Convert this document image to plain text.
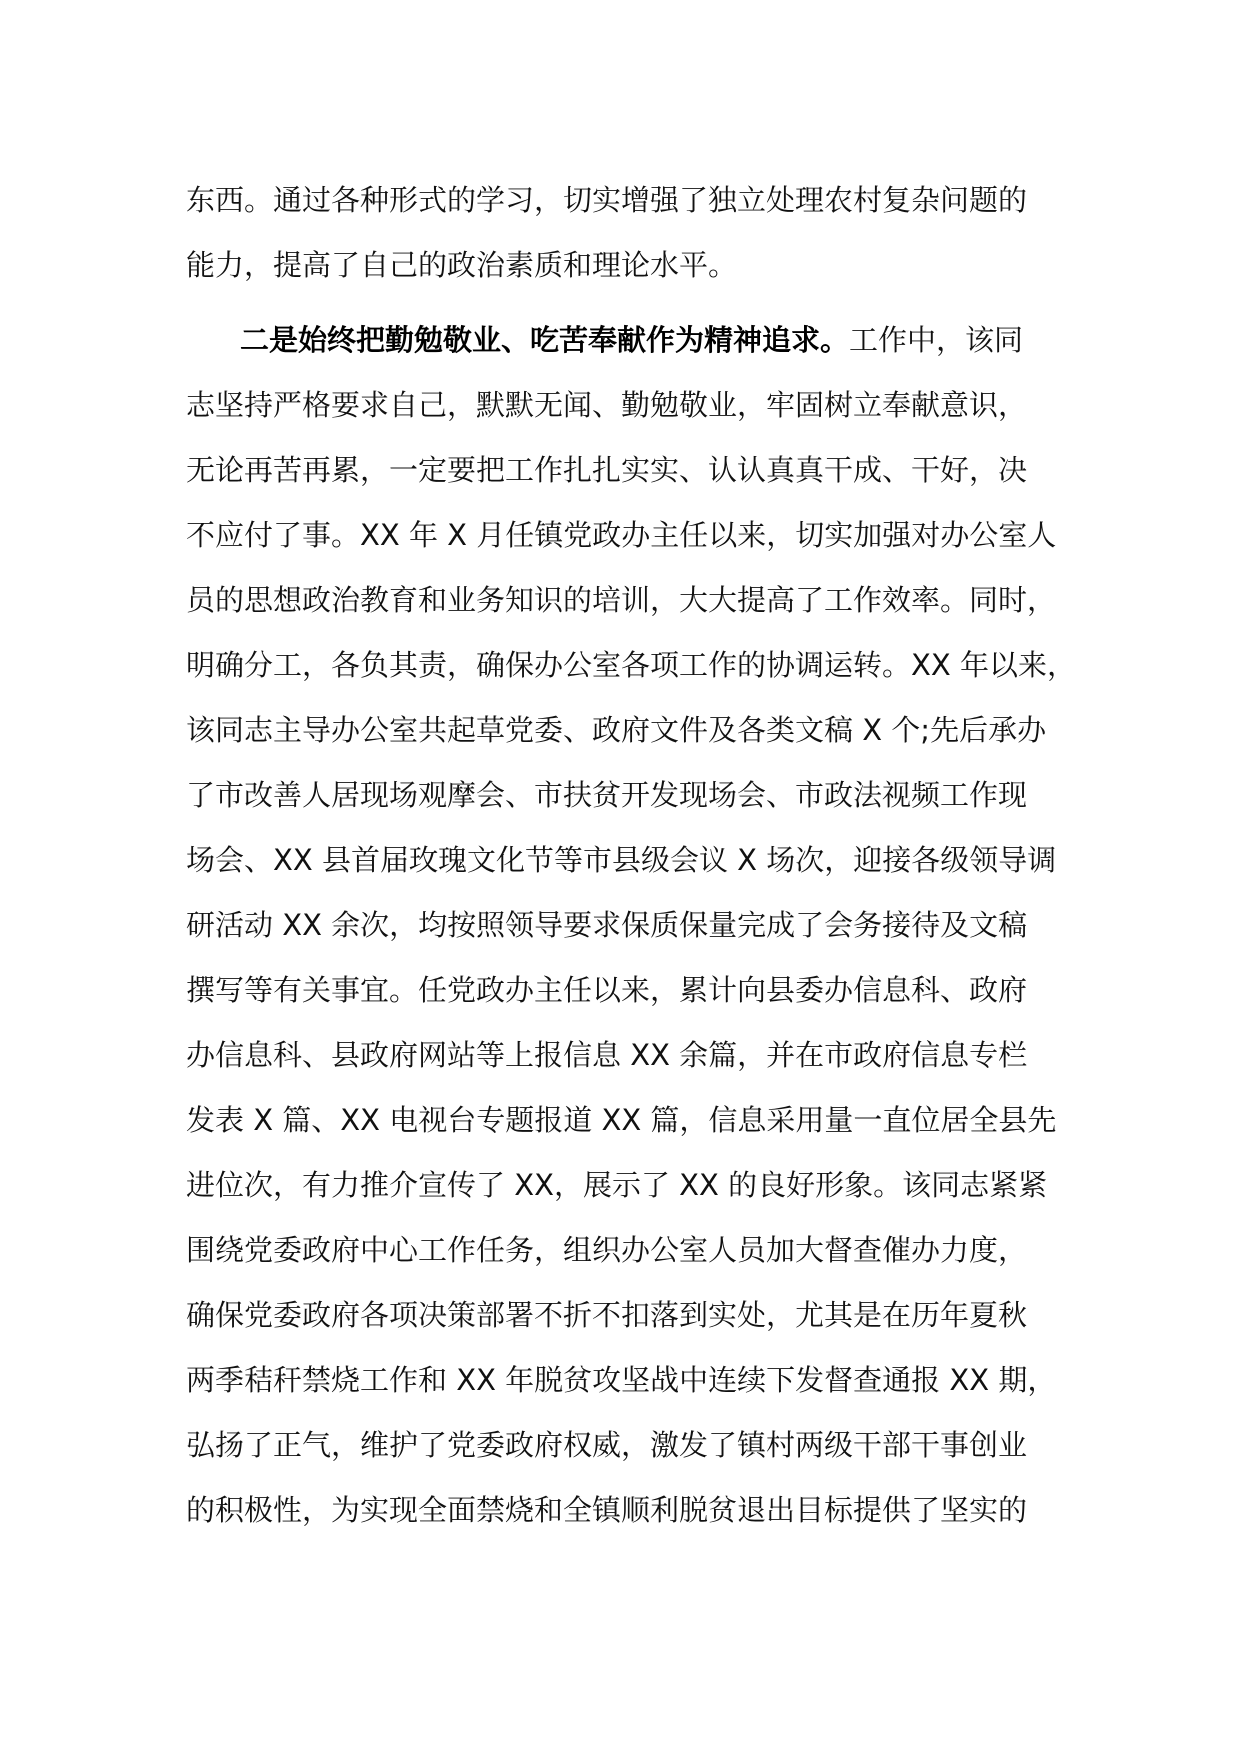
东西。通过各种形式的学习，切实增强了独立处理农村复杂问题的
能力，提高了自己的政治素质和理论水平。
二是始终把勤勉敬业、吃苦奉献作为精神追求。工作中，该同
志坚持严格要求自己，默默无闻、勤勉敬业，牢固树立奉献意识，
无论再苦再累，一定要把工作扎扎实实、认认真真干成、干好，决
不应付了事。XX 年 X 月任镇党政办主任以来，切实加强对办公室人
员的思想政治教育和业务知识的培训，大大提高了工作效率。同时，
明确分工，各负其责，确保办公室各项工作的协调运转。XX 年以来，
该同志主导办公室共起草党委、政府文件及各类文稿 X 个;先后承办
了市改善人居现场观摩会、市扶贫开发现场会、市政法视频工作现
场会、XX 县首届玫瑰文化节等市县级会议 X 场次，迎接各级领导调
研活动 XX 余次，均按照领导要求保质保量完成了会务接待及文稿
撰写等有关事宜。任党政办主任以来，累计向县委办信息科、政府
办信息科、县政府网站等上报信息 XX 余篇，并在市政府信息专栏
发表 X 篇、XX 电视台专题报道 XX 篇，信息采用量一直位居全县先
进位次，有力推介宣传了 XX，展示了 XX 的良好形象。该同志紧紧
围绕党委政府中心工作任务，组织办公室人员加大督查催办力度，
确保党委政府各项决策部署不折不扣落到实处，尤其是在历年夏秋
两季秸秆禁烧工作和 XX 年脱贫攻坚战中连续下发督查通报 XX 期，
弘扬了正气，维护了党委政府权威，激发了镇村两级干部干事创业
的积极性，为实现全面禁烧和全镇顺利脱贫退出目标提供了坚实的
